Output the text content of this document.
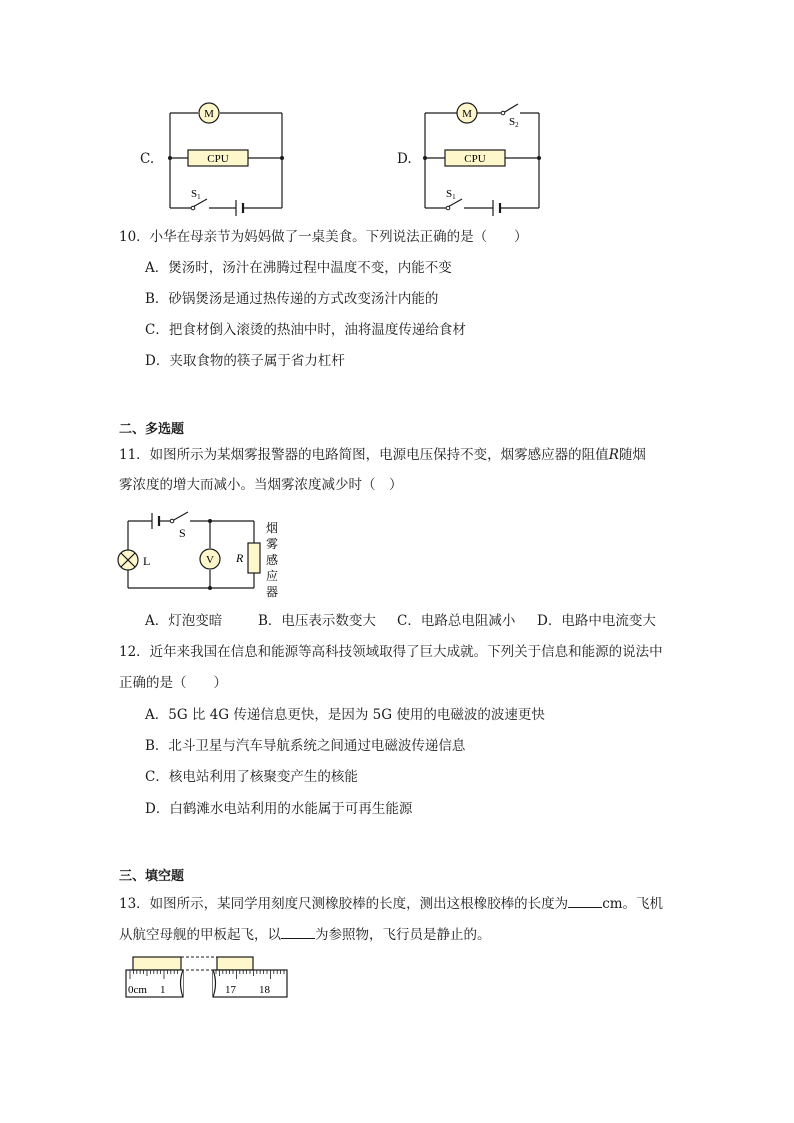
C.
M
CPU
S1
D.
M
S2
CPU
S1
10．小华在母亲节为妈妈做了一桌美食。下列说法正确的是（　　）
A．煲汤时，汤汁在沸腾过程中温度不变，内能不变
B．砂锅煲汤是通过热传递的方式改变汤汁内能的
C．把食材倒入滚烫的热油中时，油将温度传递给食材
D．夹取食物的筷子属于省力杠杆
二、多选题
11．如图所示为某烟雾报警器的电路简图，电源电压保持不变，烟雾感应器的阻值R随烟
雾浓度的增大而减小。当烟雾浓度减少时（　）
S
L	V R
烟
雾
感
应
器
A．灯泡变暗	B．电压表示数变大 C．电路总电阻减小 D．电路中电流变大
12．近年来我国在信息和能源等高科技领域取得了巨大成就。下列关于信息和能源的说法中
正确的是（　　）
A．5G 比 4G 传递信息更快，是因为 5G 使用的电磁波的波速更快
B．北斗卫星与汽车导航系统之间通过电磁波传递信息
C．核电站利用了核聚变产生的核能
D．白鹤滩水电站利用的水能属于可再生能源
三、填空题
13．如图所示，某同学用刻度尺测橡胶棒的长度，测出这根橡胶棒的长度为	cm。飞机
从航空母舰的甲板起飞，以	为参照物，飞行员是静止的。
0cm 1	17 18
